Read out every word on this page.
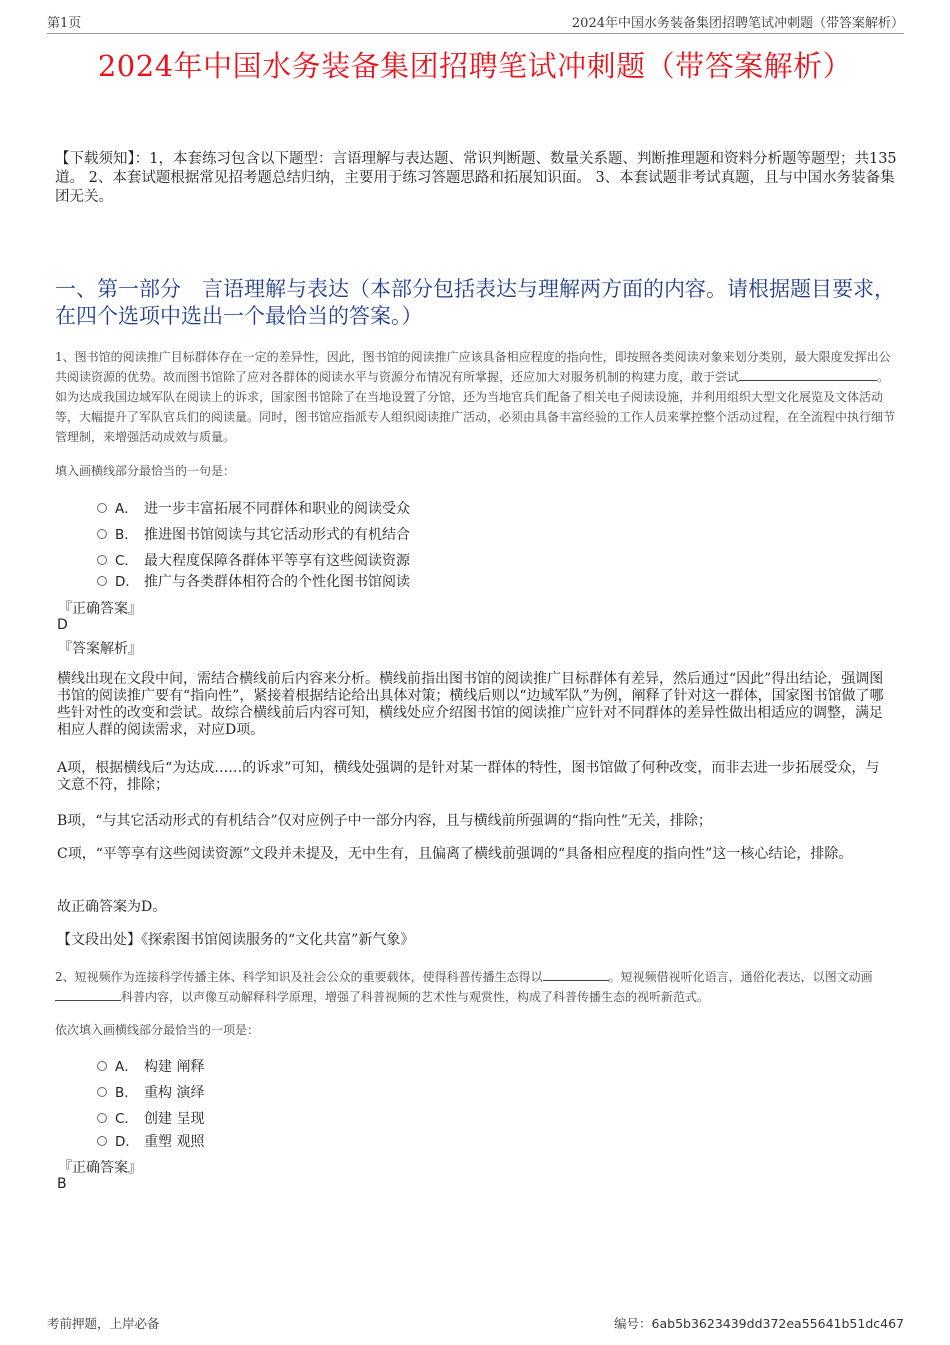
第1页	2024年中国水务装备集团招聘笔试冲刺题（带答案解析）
2024年中国水务装备集团招聘笔试冲刺题（带答案解析）
【下载须知】：1，本套练习包含以下题型：言语理解与表达题、常识判断题、数量关系题、判断推理题和资料分析题等题型；共135道。 2、本套试题根据常见招考题总结归纳，主要用于练习答题思路和拓展知识面。 3、本套试题非考试真题，且与中国水务装备集团无关。
一、第一部分　言语理解与表达（本部分包括表达与理解两方面的内容。请根据题目要求，在四个选项中选出一个最恰当的答案。）
1、图书馆的阅读推广目标群体存在一定的差异性，因此，图书馆的阅读推广应该具备相应程度的指向性，即按照各类阅读对象来划分类别，最大限度发挥出公共阅读资源的优势。故而图书馆除了应对各群体的阅读水平与资源分布情况有所掌握，还应加大对服务机制的构建力度，敢于尝试	。如为达成我国边域军队在阅读上的诉求，国家图书馆除了在当地设置了分馆，还为当地官兵们配备了相关电子阅读设施，并利用组织大型文化展览及文体活动等，大幅提升了军队官兵们的阅读量。同时，图书馆应指派专人组织阅读推广活动，必须由具备丰富经验的工作人员来掌控整个活动过程，在全流程中执行细节管理制，来增强活动成效与质量。
填入画横线部分最恰当的一句是：
A． 进一步丰富拓展不同群体和职业的阅读受众
B． 推进图书馆阅读与其它活动形式的有机结合
C． 最大程度保障各群体平等享有这些阅读资源
D． 推广与各类群体相符合的个性化图书馆阅读
『正确答案』
D
『答案解析』
横线出现在文段中间，需结合横线前后内容来分析。横线前指出图书馆的阅读推广目标群体有差异，然后通过“因此”得出结论，强调图书馆的阅读推广要有“指向性”，紧接着根据结论给出具体对策；横线后则以“边域军队”为例，阐释了针对这一群体，国家图书馆做了哪些针对性的改变和尝试。故综合横线前后内容可知，横线处应介绍图书馆的阅读推广应针对不同群体的差异性做出相适应的调整，满足相应人群的阅读需求，对应D项。
A项，根据横线后“为达成……的诉求”可知，横线处强调的是针对某一群体的特性，图书馆做了何种改变，而非去进一步拓展受众，与文意不符，排除；
B项，“与其它活动形式的有机结合”仅对应例子中一部分内容，且与横线前所强调的“指向性”无关，排除；
C项，“平等享有这些阅读资源”文段并未提及，无中生有，且偏离了横线前强调的“具备相应程度的指向性”这一核心结论，排除。
故正确答案为D。
【文段出处】《探索图书馆阅读服务的“文化共富”新气象》
2、短视频作为连接科学传播主体、科学知识及社会公众的重要载体，使得科普传播生态得以	。短视频借视听化语言，通俗化表达，以图文动画科普内容，以声像互动解释科学原理，增强了科普视频的艺术性与观赏性，构成了科普传播生态的视听新范式。
依次填入画横线部分最恰当的一项是：
A． 构建 阐释
B． 重构 演绎
C． 创建 呈现
D． 重塑 观照
『正确答案』
B
考前押题，上岸必备	编号：6ab5b3623439dd372ea55641b51dc467
